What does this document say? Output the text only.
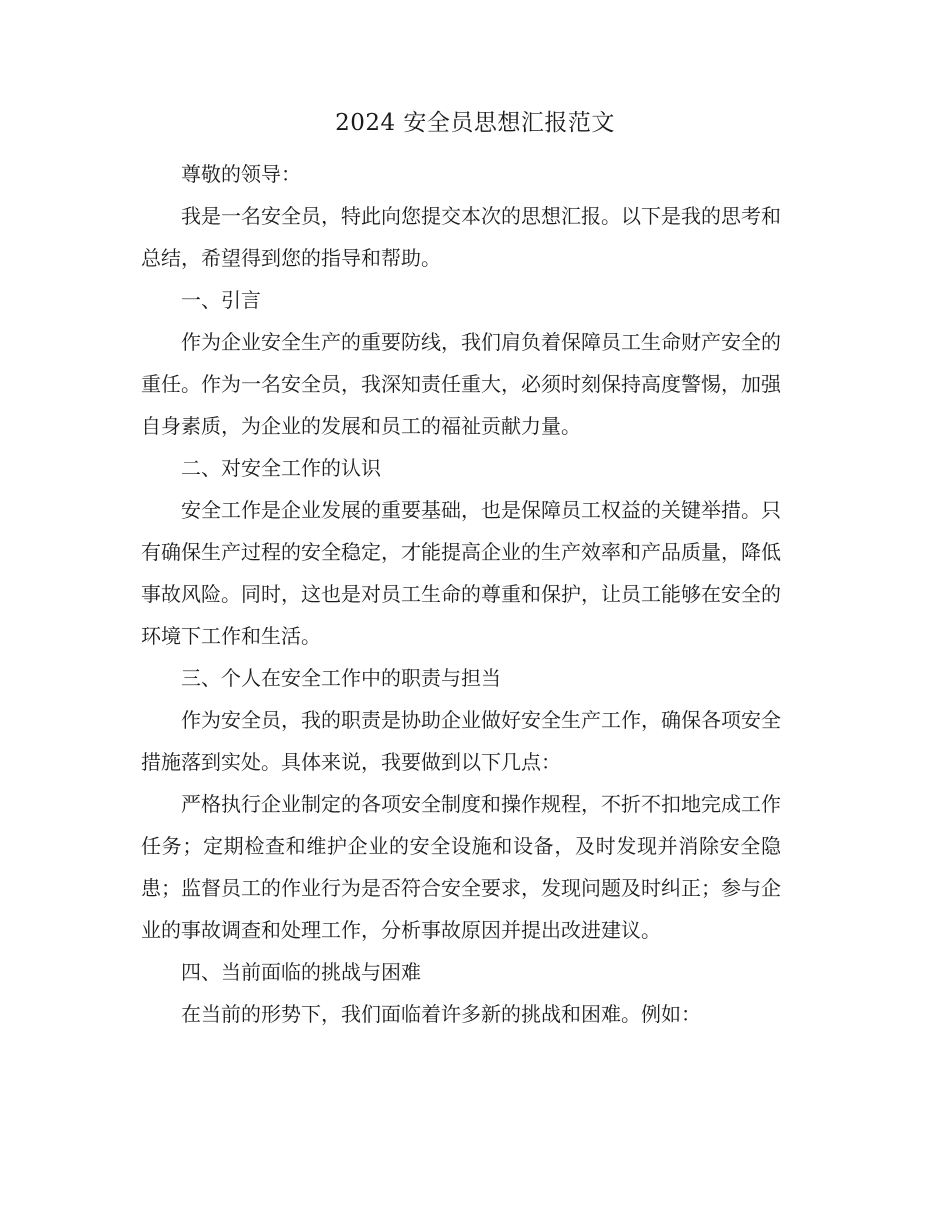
2024 安全员思想汇报范文

尊敬的领导：

我是一名安全员，特此向您提交本次的思想汇报。以下是我的思考和总结，希望得到您的指导和帮助。

一、引言

作为企业安全生产的重要防线，我们肩负着保障员工生命财产安全的重任。作为一名安全员，我深知责任重大，必须时刻保持高度警惕，加强自身素质，为企业的发展和员工的福祉贡献力量。

二、对安全工作的认识

安全工作是企业发展的重要基础，也是保障员工权益的关键举措。只有确保生产过程的安全稳定，才能提高企业的生产效率和产品质量，降低事故风险。同时，这也是对员工生命的尊重和保护，让员工能够在安全的环境下工作和生活。

三、个人在安全工作中的职责与担当

作为安全员，我的职责是协助企业做好安全生产工作，确保各项安全措施落到实处。具体来说，我要做到以下几点：

严格执行企业制定的各项安全制度和操作规程，不折不扣地完成工作任务；定期检查和维护企业的安全设施和设备，及时发现并消除安全隐患；监督员工的作业行为是否符合安全要求，发现问题及时纠正；参与企业的事故调查和处理工作，分析事故原因并提出改进建议。

四、当前面临的挑战与困难

在当前的形势下，我们面临着许多新的挑战和困难。例如：
